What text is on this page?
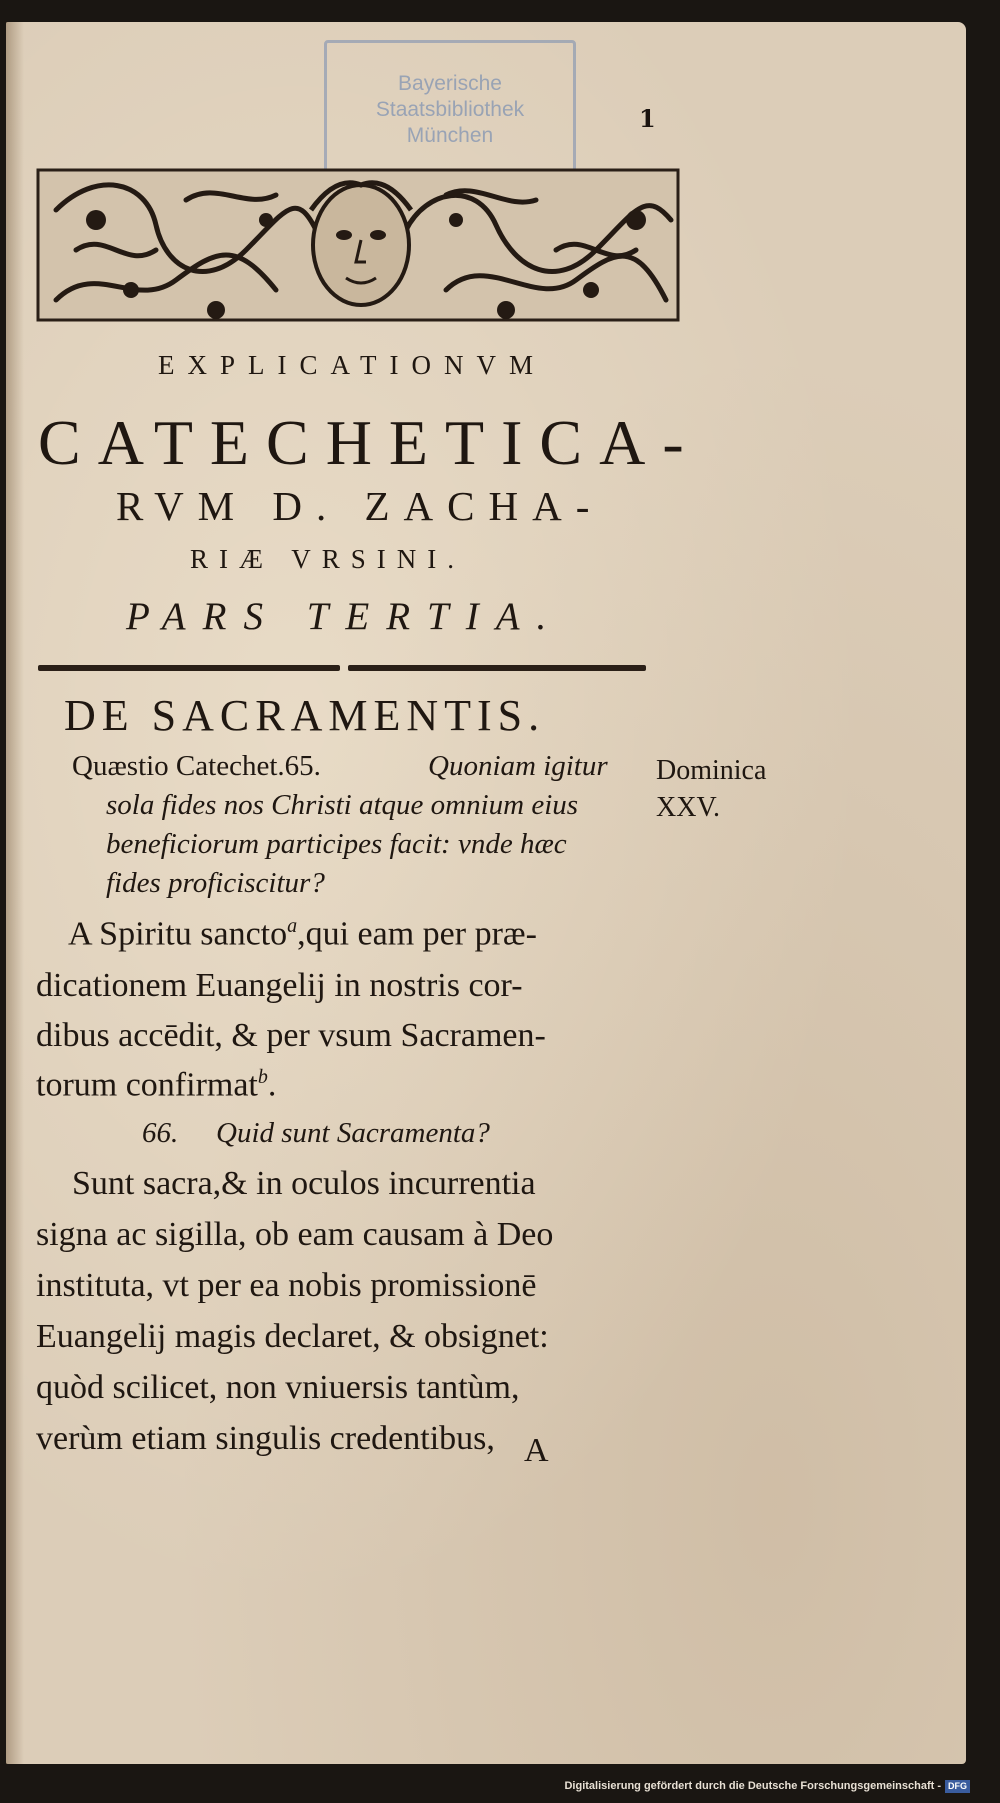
Bayerische
Staatsbibliothek
München
1
EXPLICATIONVM
CATECHETICA-
RVM D. ZACHA-
RIÆ VRSINI.
PARS TERTIA.
DE SACRAMENTIS.
Quæstio Catechet.65.	Quoniam igitur
sola fides nos Christi atque omnium eius
beneficiorum participes facit: vnde hæc
fides proficiscitur?
Dominica
XXV.
A Spiritu sancto$^a$,qui eam per præ-
dicationem Euangelij in nostris cor-
dibus accēdit, & per vsum Sacramen-
torum confirmat$^b$.
66. Quid sunt Sacramenta?
Sunt sacra,& in oculos incurrentia
signa ac sigilla, ob eam causam à Deo
instituta, vt per ea nobis promissionē
Euangelij magis declaret, & obsignet:
quòd scilicet, non vniuersis tantùm,
verùm etiam singulis credentibus, A
Digitalisierung gefördert durch die Deutsche Forschungsgemeinschaft - DFG
